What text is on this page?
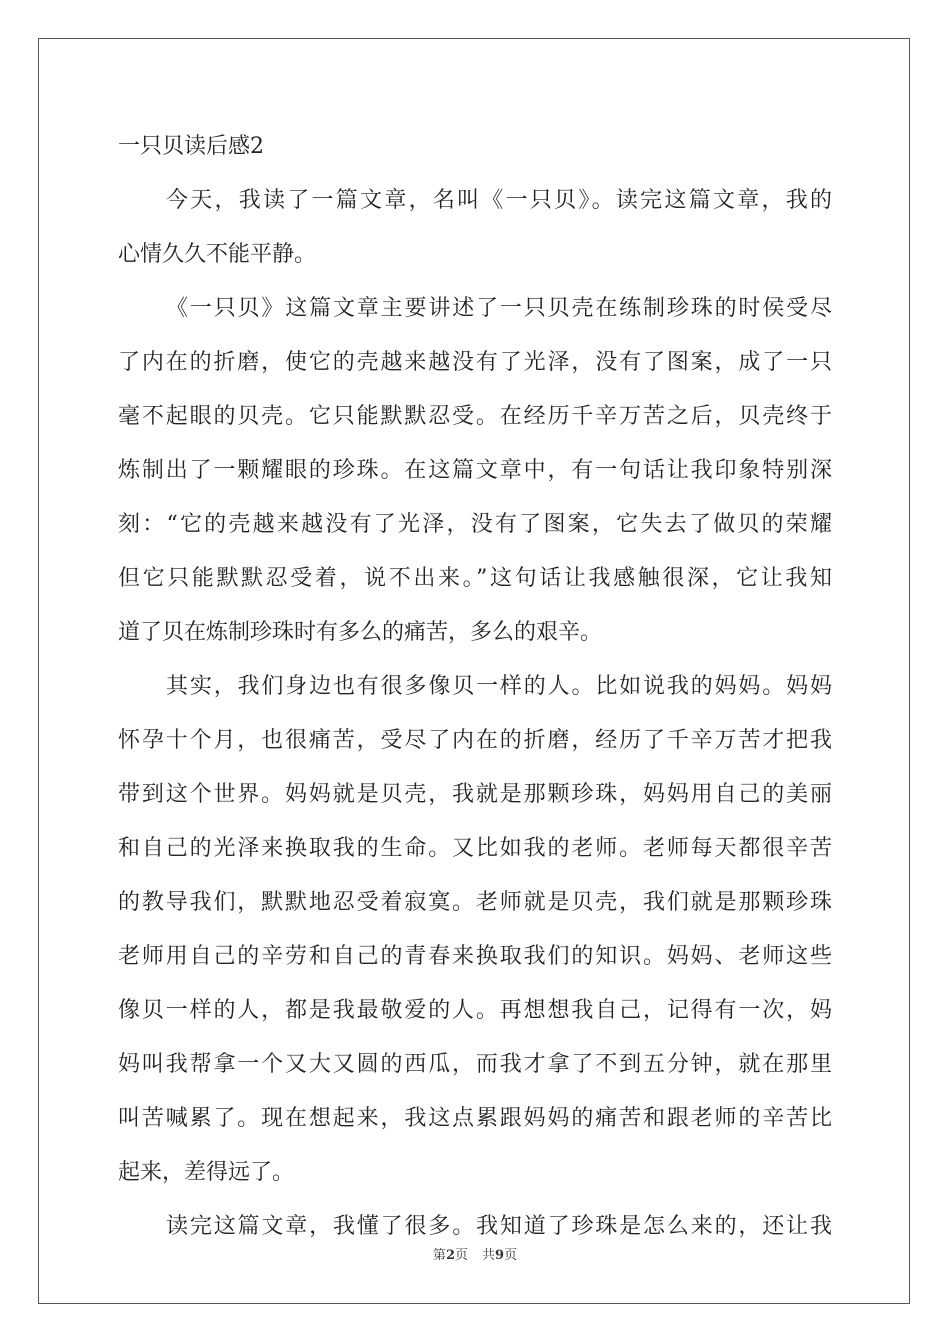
一只贝读后感2
今天，我读了一篇文章，名叫《一只贝》。读完这篇文章，我的
心情久久不能平静。
《一只贝》这篇文章主要讲述了一只贝壳在练制珍珠的时侯受尽
了内在的折磨，使它的壳越来越没有了光泽，没有了图案，成了一只
毫不起眼的贝壳。它只能默默忍受。在经历千辛万苦之后，贝壳终于
炼制出了一颗耀眼的珍珠。在这篇文章中，有一句话让我印象特别深
刻：“它的壳越来越没有了光泽，没有了图案，它失去了做贝的荣耀
但它只能默默忍受着，说不出来。”这句话让我感触很深，它让我知
道了贝在炼制珍珠时有多么的痛苦，多么的艰辛。
其实，我们身边也有很多像贝一样的人。比如说我的妈妈。妈妈
怀孕十个月，也很痛苦，受尽了内在的折磨，经历了千辛万苦才把我
带到这个世界。妈妈就是贝壳，我就是那颗珍珠，妈妈用自己的美丽
和自己的光泽来换取我的生命。又比如我的老师。老师每天都很辛苦
的教导我们，默默地忍受着寂寞。老师就是贝壳，我们就是那颗珍珠
老师用自己的辛劳和自己的青春来换取我们的知识。妈妈、老师这些
像贝一样的人，都是我最敬爱的人。再想想我自己，记得有一次，妈
妈叫我帮拿一个又大又圆的西瓜，而我才拿了不到五分钟，就在那里
叫苦喊累了。现在想起来，我这点累跟妈妈的痛苦和跟老师的辛苦比
起来，差得远了。
读完这篇文章，我懂了很多。我知道了珍珠是怎么来的，还让我
第2页 共9页
